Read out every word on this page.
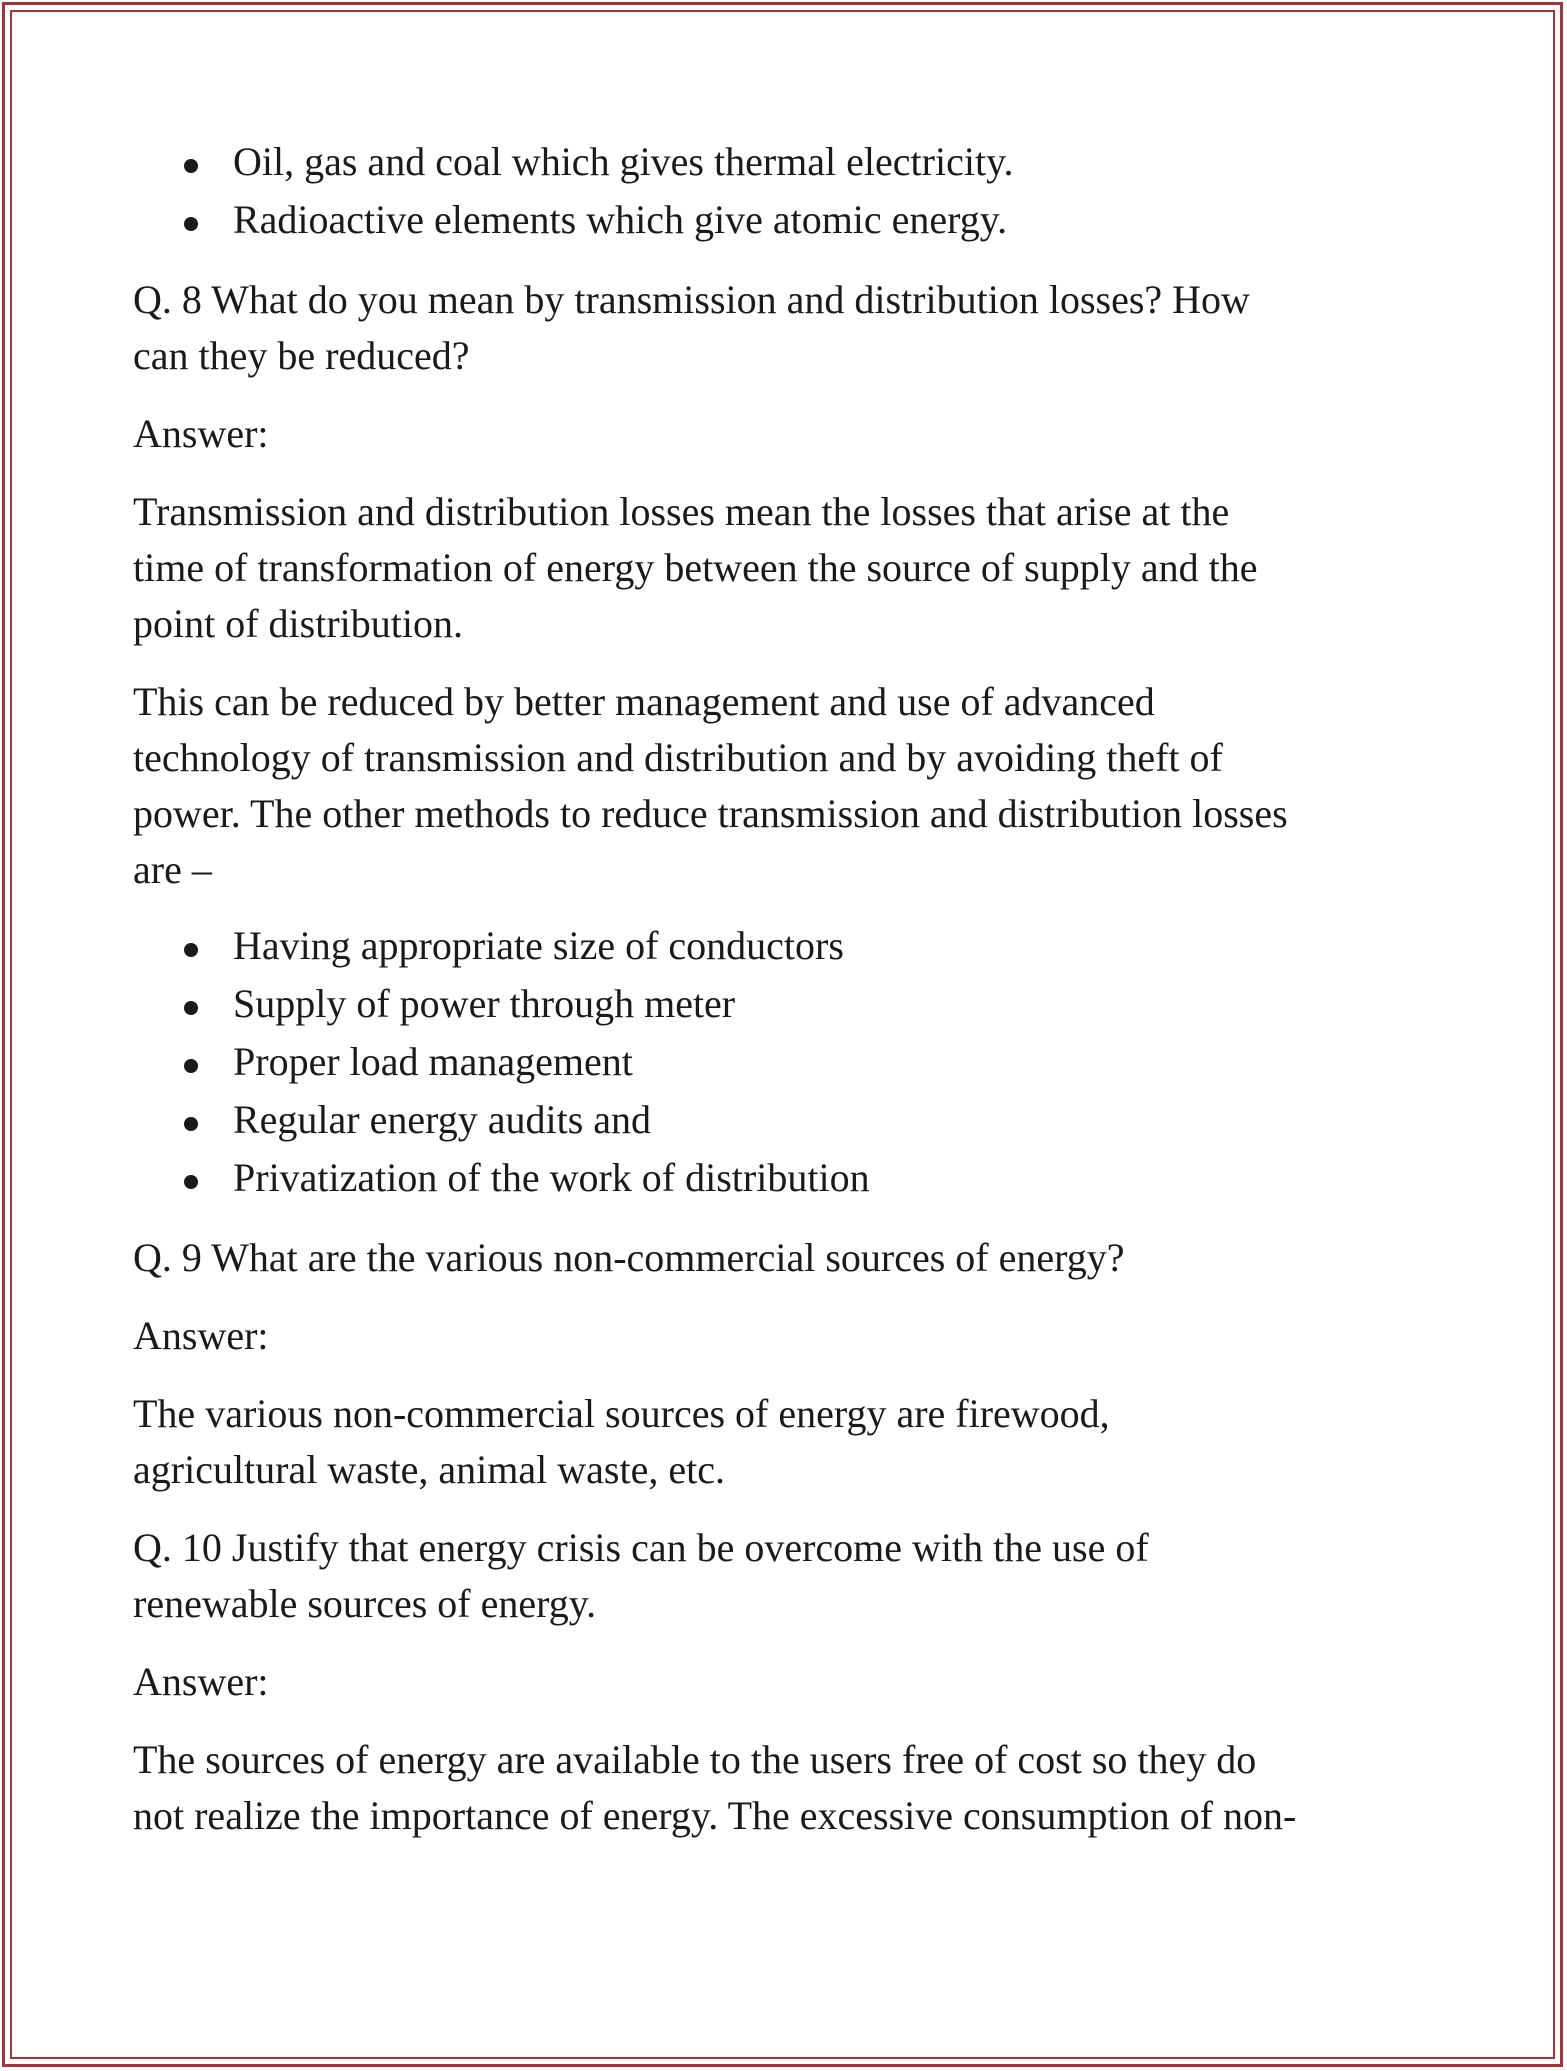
Oil, gas and coal which gives thermal electricity.
Radioactive elements which give atomic energy.

Q. 8 What do you mean by transmission and distribution losses? How
can they be reduced?

Answer:

Transmission and distribution losses mean the losses that arise at the
time of transformation of energy between the source of supply and the
point of distribution.

This can be reduced by better management and use of advanced
technology of transmission and distribution and by avoiding theft of
power. The other methods to reduce transmission and distribution losses
are –

Having appropriate size of conductors
Supply of power through meter
Proper load management
Regular energy audits and
Privatization of the work of distribution

Q. 9 What are the various non-commercial sources of energy?

Answer:

The various non-commercial sources of energy are firewood,
agricultural waste, animal waste, etc.

Q. 10 Justify that energy crisis can be overcome with the use of
renewable sources of energy.

Answer:

The sources of energy are available to the users free of cost so they do
not realize the importance of energy. The excessive consumption of non-
